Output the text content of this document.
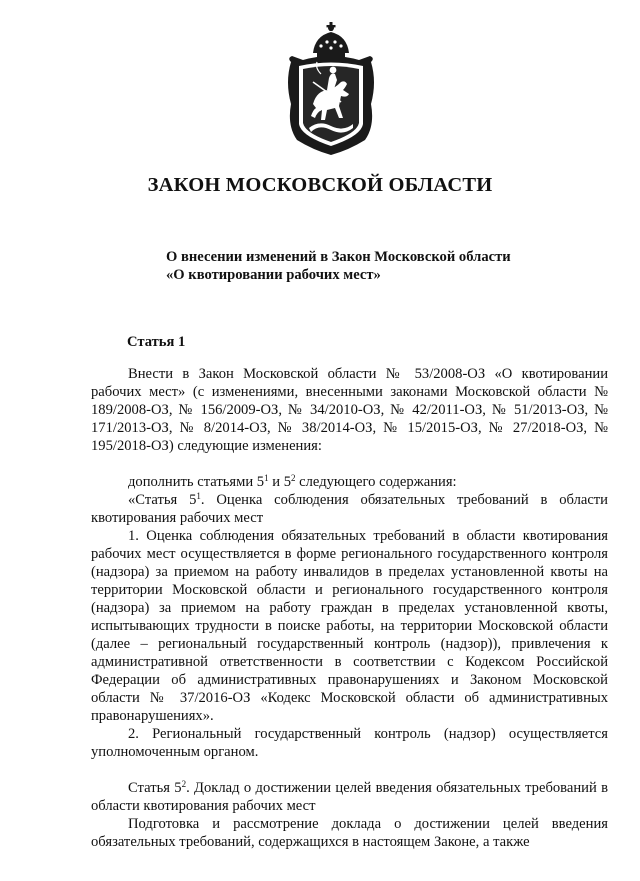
ЗАКОН МОСКОВСКОЙ ОБЛАСТИ
О внесении изменений в Закон Московской области
«О квотировании рабочих мест»
Статья 1

Внести в Закон Московской области № 53/2008-ОЗ «О квотировании рабочих мест» (с изменениями, внесенными законами Московской области № 189/2008-ОЗ, № 156/2009-ОЗ, № 34/2010-ОЗ, № 42/2011-ОЗ, № 51/2013-ОЗ, № 171/2013-ОЗ, № 8/2014-ОЗ, № 38/2014-ОЗ, № 15/2015-ОЗ, № 27/2018-ОЗ, № 195/2018-ОЗ) следующие изменения:

дополнить статьями $5^1$ и $5^2$ следующего содержания:

«Статья $5^1$. Оценка соблюдения обязательных требований в области квотирования рабочих мест

1. Оценка соблюдения обязательных требований в области квотирования рабочих мест осуществляется в форме регионального государственного контроля (надзора) за приемом на работу инвалидов в пределах установленной квоты на территории Московской области и регионального государственного контроля (надзора) за приемом на работу граждан в пределах установленной квоты, испытывающих трудности в поиске работы, на территории Московской области (далее – региональный государственный контроль (надзор)), привлечения к административной ответственности в соответствии с Кодексом Российской Федерации об административных правонарушениях и Законом Московской области № 37/2016-ОЗ «Кодекс Московской области об административных правонарушениях».

2. Региональный государственный контроль (надзор) осуществляется уполномоченным органом.

Статья $5^2$. Доклад о достижении целей введения обязательных требований в области квотирования рабочих мест

Подготовка и рассмотрение доклада о достижении целей введения обязательных требований, содержащихся в настоящем Законе, а также
